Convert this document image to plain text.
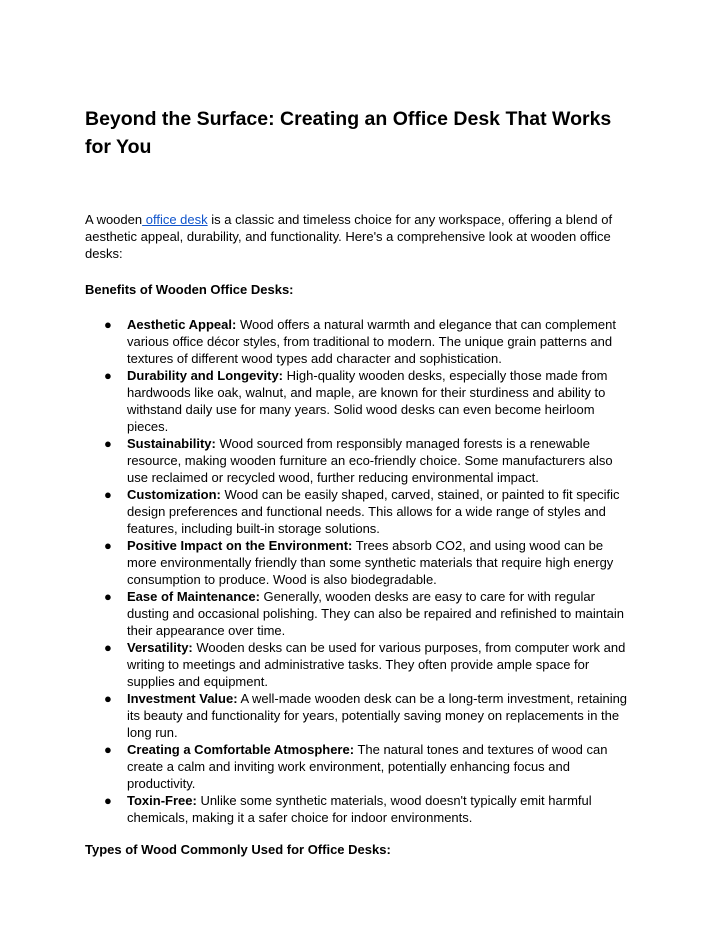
Beyond the Surface: Creating an Office Desk That Works for You

A wooden office desk is a classic and timeless choice for any workspace, offering a blend of aesthetic appeal, durability, and functionality. Here's a comprehensive look at wooden office desks:

Benefits of Wooden Office Desks:

● Aesthetic Appeal: Wood offers a natural warmth and elegance that can complement various office décor styles, from traditional to modern. The unique grain patterns and textures of different wood types add character and sophistication.
● Durability and Longevity: High-quality wooden desks, especially those made from hardwoods like oak, walnut, and maple, are known for their sturdiness and ability to withstand daily use for many years. Solid wood desks can even become heirloom pieces.
● Sustainability: Wood sourced from responsibly managed forests is a renewable resource, making wooden furniture an eco-friendly choice. Some manufacturers also use reclaimed or recycled wood, further reducing environmental impact.
● Customization: Wood can be easily shaped, carved, stained, or painted to fit specific design preferences and functional needs. This allows for a wide range of styles and features, including built-in storage solutions.
● Positive Impact on the Environment: Trees absorb CO2, and using wood can be more environmentally friendly than some synthetic materials that require high energy consumption to produce. Wood is also biodegradable.
● Ease of Maintenance: Generally, wooden desks are easy to care for with regular dusting and occasional polishing. They can also be repaired and refinished to maintain their appearance over time.
● Versatility: Wooden desks can be used for various purposes, from computer work and writing to meetings and administrative tasks. They often provide ample space for supplies and equipment.
● Investment Value: A well-made wooden desk can be a long-term investment, retaining its beauty and functionality for years, potentially saving money on replacements in the long run.
● Creating a Comfortable Atmosphere: The natural tones and textures of wood can create a calm and inviting work environment, potentially enhancing focus and productivity.
● Toxin-Free: Unlike some synthetic materials, wood doesn't typically emit harmful chemicals, making it a safer choice for indoor environments.

Types of Wood Commonly Used for Office Desks:
